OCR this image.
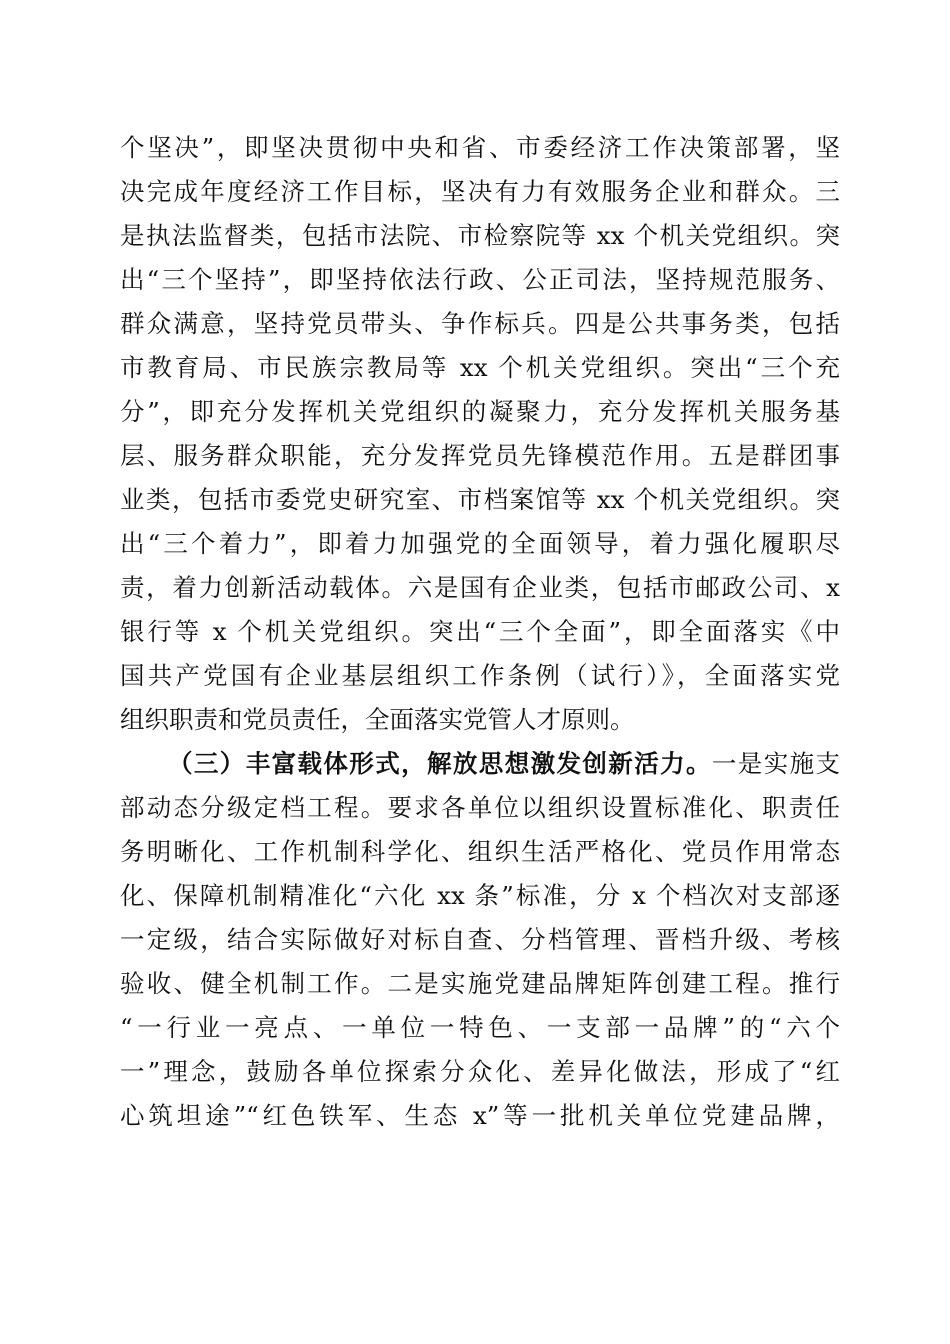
个坚决”，即坚决贯彻中央和省、市委经济工作决策部署，坚
决完成年度经济工作目标，坚决有力有效服务企业和群众。三
是执法监督类，包括市法院、市检察院等 xx 个机关党组织。突
出“三个坚持”，即坚持依法行政、公正司法，坚持规范服务、
群众满意，坚持党员带头、争作标兵。四是公共事务类，包括
市教育局、市民族宗教局等 xx 个机关党组织。突出“三个充
分”，即充分发挥机关党组织的凝聚力，充分发挥机关服务基
层、服务群众职能，充分发挥党员先锋模范作用。五是群团事
业类，包括市委党史研究室、市档案馆等 xx 个机关党组织。突
出“三个着力”，即着力加强党的全面领导，着力强化履职尽
责，着力创新活动载体。六是国有企业类，包括市邮政公司、x
银行等 x 个机关党组织。突出“三个全面”，即全面落实《中
国共产党国有企业基层组织工作条例（试行）》，全面落实党
组织职责和党员责任，全面落实党管人才原则。
（三）丰富载体形式，解放思想激发创新活力。一是实施支
部动态分级定档工程。要求各单位以组织设置标准化、职责任
务明晰化、工作机制科学化、组织生活严格化、党员作用常态
化、保障机制精准化“六化 xx 条”标准，分 x 个档次对支部逐
一定级，结合实际做好对标自查、分档管理、晋档升级、考核
验收、健全机制工作。二是实施党建品牌矩阵创建工程。推行
“一行业一亮点、一单位一特色、一支部一品牌”的“六个
一”理念，鼓励各单位探索分众化、差异化做法，形成了“红
心筑坦途”“红色铁军、生态 x”等一批机关单位党建品牌，
